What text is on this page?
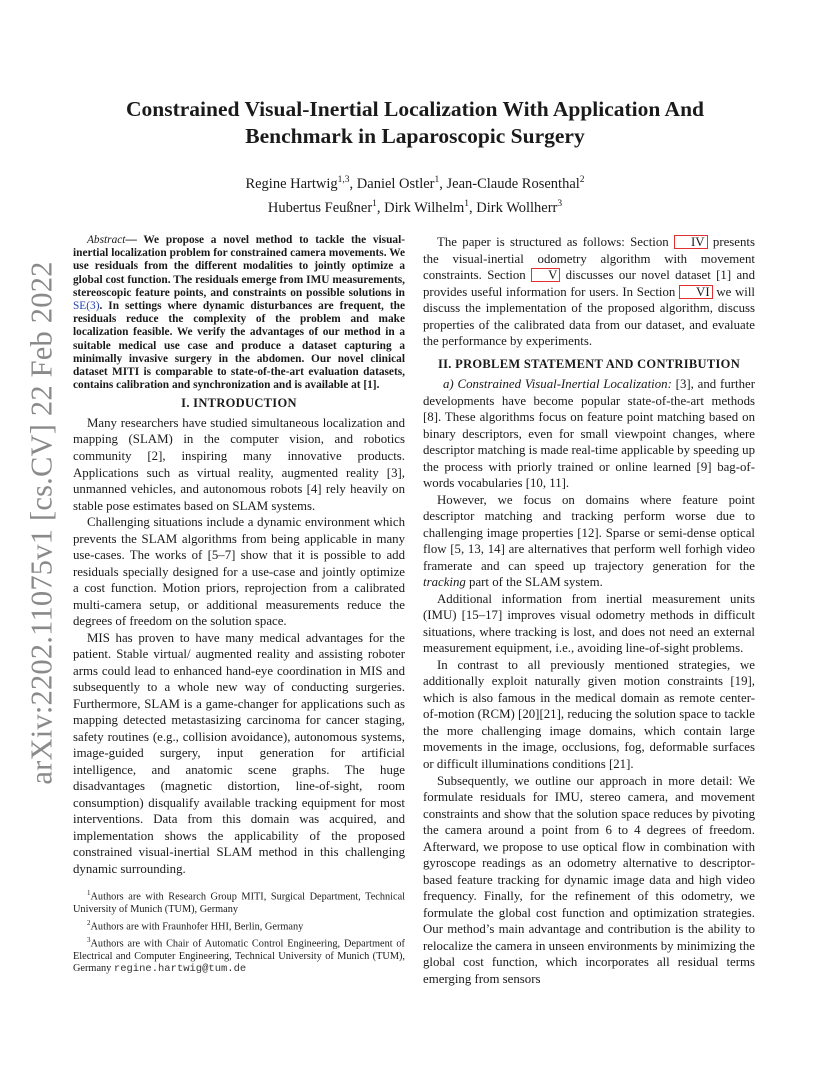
arXiv:2202.11075v1 [cs.CV] 22 Feb 2022
Constrained Visual-Inertial Localization With Application And
Benchmark in Laparoscopic Surgery
Regine Hartwig$^{1,3}$, Daniel Ostler$^1$, Jean-Claude Rosenthal$^2$
Hubertus Feußner$^1$, Dirk Wilhelm$^1$, Dirk Wollherr$^3$

Abstract— We propose a novel method to tackle the visual-inertial localization problem for constrained camera movements. We use residuals from the different modalities to jointly optimize a global cost function. The residuals emerge from IMU measurements, stereoscopic feature points, and constraints on possible solutions in SE(3). In settings where dynamic disturbances are frequent, the residuals reduce the complexity of the problem and make localization feasible. We verify the advantages of our method in a suitable medical use case and produce a dataset capturing a minimally invasive surgery in the abdomen. Our novel clinical dataset MITI is comparable to state-of-the-art evaluation datasets, contains calibration and synchronization and is available at [1].

I. INTRODUCTION

Many researchers have studied simultaneous localization and mapping (SLAM) in the computer vision, and robotics community [2], inspiring many innovative products. Applications such as virtual reality, augmented reality [3], unmanned vehicles, and autonomous robots [4] rely heavily on stable pose estimates based on SLAM systems.

Challenging situations include a dynamic environment which prevents the SLAM algorithms from being applicable in many use-cases. The works of [5–7] show that it is possible to add residuals specially designed for a use-case and jointly optimize a cost function. Motion priors, reprojection from a calibrated multi-camera setup, or additional measurements reduce the degrees of freedom on the solution space.

MIS has proven to have many medical advantages for the patient. Stable virtual/ augmented reality and assisting roboter arms could lead to enhanced hand-eye coordination in MIS and subsequently to a whole new way of conducting surgeries. Furthermore, SLAM is a game-changer for applications such as mapping detected metastasizing carcinoma for cancer staging, safety routines (e.g., collision avoidance), autonomous systems, image-guided surgery, input generation for artificial intelligence, and anatomic scene graphs. The huge disadvantages (magnetic distortion, line-of-sight, room consumption) disqualify available tracking equipment for most interventions. Data from this domain was acquired, and implementation shows the applicability of the proposed constrained visual-inertial SLAM method in this challenging dynamic surrounding.

$^1$Authors are with Research Group MITI, Surgical Department, Technical University of Munich (TUM), Germany

$^2$Authors are with Fraunhofer HHI, Berlin, Germany

$^3$Authors are with Chair of Automatic Control Engineering, Department of Electrical and Computer Engineering, Technical University of Munich (TUM), Germany regine.hartwig@tum.de

The paper is structured as follows: Section IV presents the visual-inertial odometry algorithm with movement constraints. Section V discusses our novel dataset [1] and provides useful information for users. In Section VI we will discuss the implementation of the proposed algorithm, discuss properties of the calibrated data from our dataset, and evaluate the performance by experiments.

II. PROBLEM STATEMENT AND CONTRIBUTION

a) Constrained Visual-Inertial Localization: [3], and further developments have become popular state-of-the-art methods [8]. These algorithms focus on feature point matching based on binary descriptors, even for small viewpoint changes, where descriptor matching is made real-time applicable by speeding up the process with priorly trained or online learned [9] bag-of-words vocabularies [10, 11].

However, we focus on domains where feature point descriptor matching and tracking perform worse due to challenging image properties [12]. Sparse or semi-dense optical flow [5, 13, 14] are alternatives that perform well forhigh video framerate and can speed up trajectory generation for the tracking part of the SLAM system.

Additional information from inertial measurement units (IMU) [15–17] improves visual odometry methods in difficult situations, where tracking is lost, and does not need an external measurement equipment, i.e., avoiding line-of-sight problems.

In contrast to all previously mentioned strategies, we additionally exploit naturally given motion constraints [19], which is also famous in the medical domain as remote center-of-motion (RCM) [20][21], reducing the solution space to tackle the more challenging image domains, which contain large movements in the image, occlusions, fog, deformable surfaces or difficult illuminations conditions [21].

Subsequently, we outline our approach in more detail: We formulate residuals for IMU, stereo camera, and movement constraints and show that the solution space reduces by pivoting the camera around a point from 6 to 4 degrees of freedom. Afterward, we propose to use optical flow in combination with gyroscope readings as an odometry alternative to descriptor-based feature tracking for dynamic image data and high video frequency. Finally, for the refinement of this odometry, we formulate the global cost function and optimization strategies. Our method’s main advantage and contribution is the ability to relocalize the camera in unseen environments by minimizing the global cost function, which incorporates all residual terms emerging from sensors
